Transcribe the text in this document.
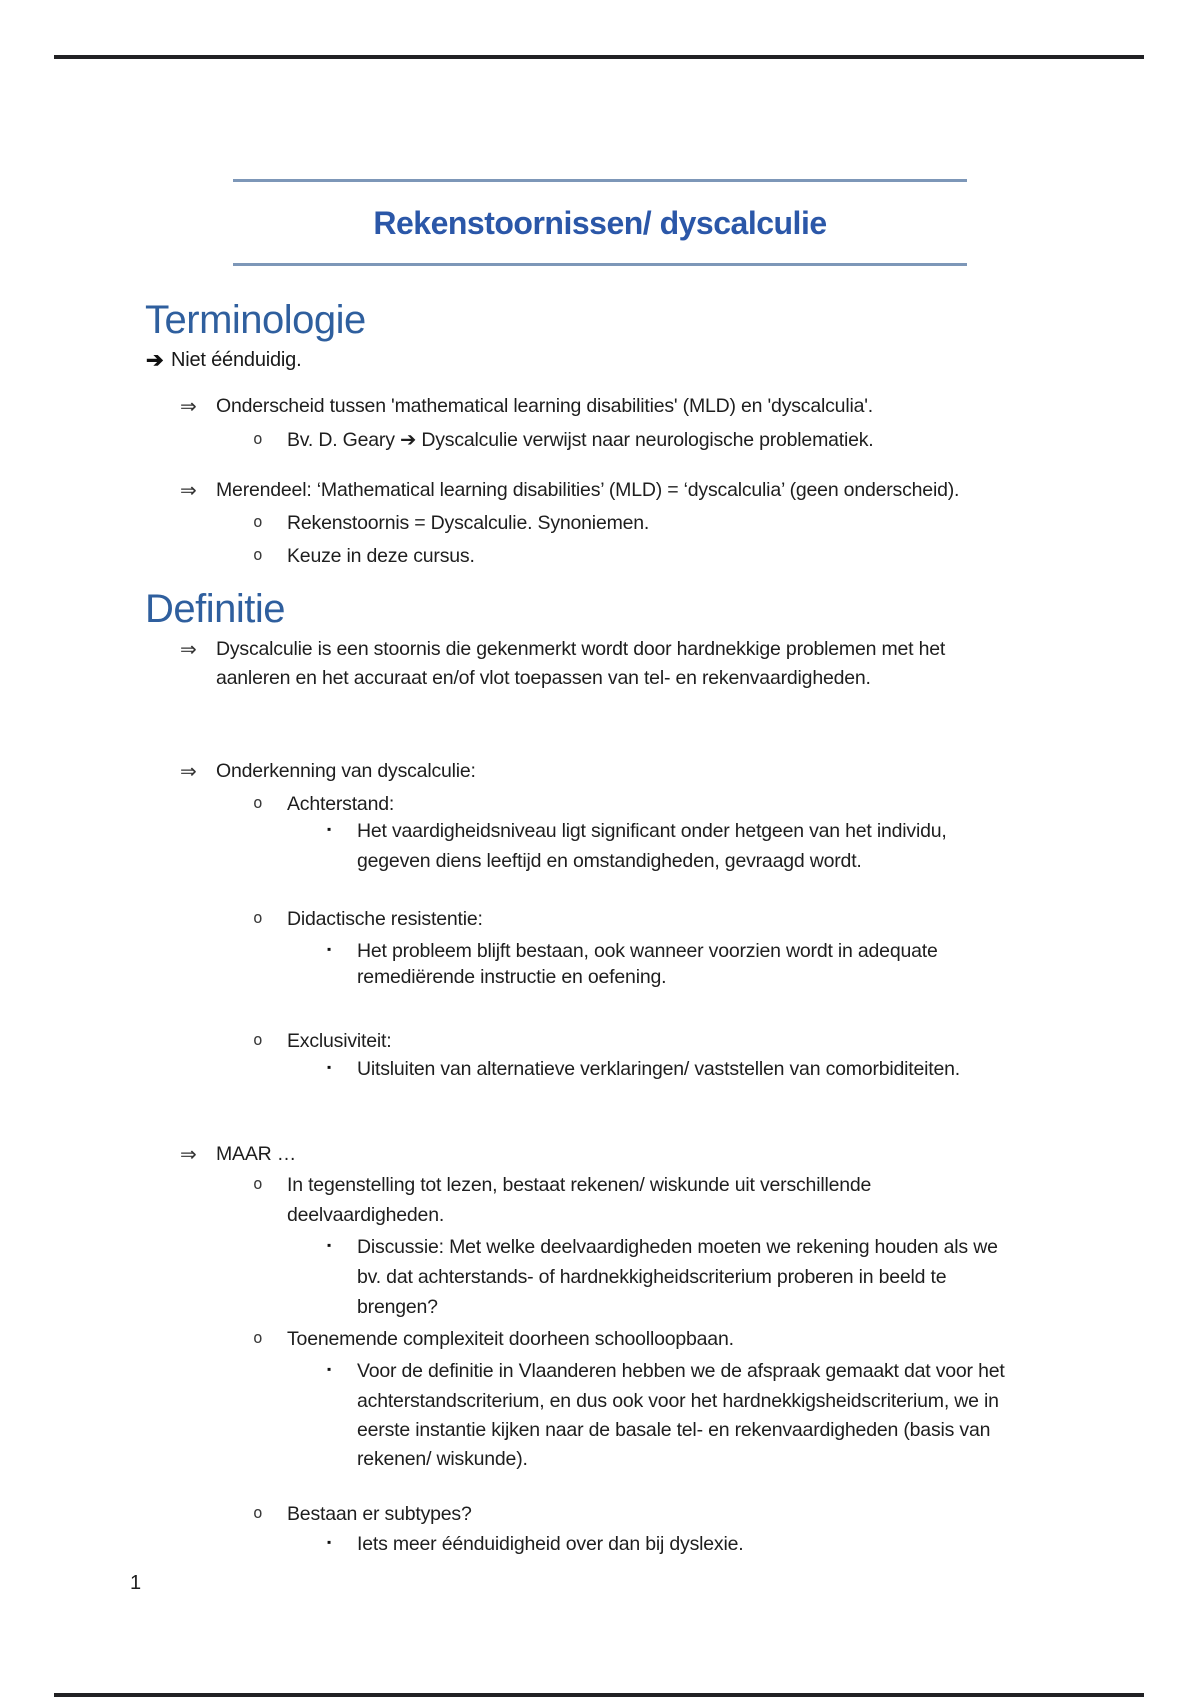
Rekenstoornissen/ dyscalculie
Terminologie
➔ Niet éénduidig.
⇒ Onderscheid tussen 'mathematical learning disabilities' (MLD) en 'dyscalculia'.
o Bv. D. Geary ➔ Dyscalculie verwijst naar neurologische problematiek.
⇒ Merendeel: ‘Mathematical learning disabilities’ (MLD) = ‘dyscalculia’ (geen onderscheid).
o Rekenstoornis = Dyscalculie. Synoniemen.
o Keuze in deze cursus.
Definitie
⇒ Dyscalculie is een stoornis die gekenmerkt wordt door hardnekkige problemen met het
aanleren en het accuraat en/of vlot toepassen van tel- en rekenvaardigheden.
⇒ Onderkenning van dyscalculie:
o Achterstand:
▪ Het vaardigheidsniveau ligt significant onder hetgeen van het individu,
gegeven diens leeftijd en omstandigheden, gevraagd wordt.
o Didactische resistentie:
▪ Het probleem blijft bestaan, ook wanneer voorzien wordt in adequate
remediërende instructie en oefening.
o Exclusiviteit:
▪ Uitsluiten van alternatieve verklaringen/ vaststellen van comorbiditeiten.
⇒ MAAR …
o In tegenstelling tot lezen, bestaat rekenen/ wiskunde uit verschillende
deelvaardigheden.
▪ Discussie: Met welke deelvaardigheden moeten we rekening houden als we
bv. dat achterstands- of hardnekkigheidscriterium proberen in beeld te
brengen?
o Toenemende complexiteit doorheen schoolloopbaan.
▪ Voor de definitie in Vlaanderen hebben we de afspraak gemaakt dat voor het
achterstandscriterium, en dus ook voor het hardnekkigsheidscriterium, we in
eerste instantie kijken naar de basale tel- en rekenvaardigheden (basis van
rekenen/ wiskunde).
o Bestaan er subtypes?
▪ Iets meer éénduidigheid over dan bij dyslexie.
1
